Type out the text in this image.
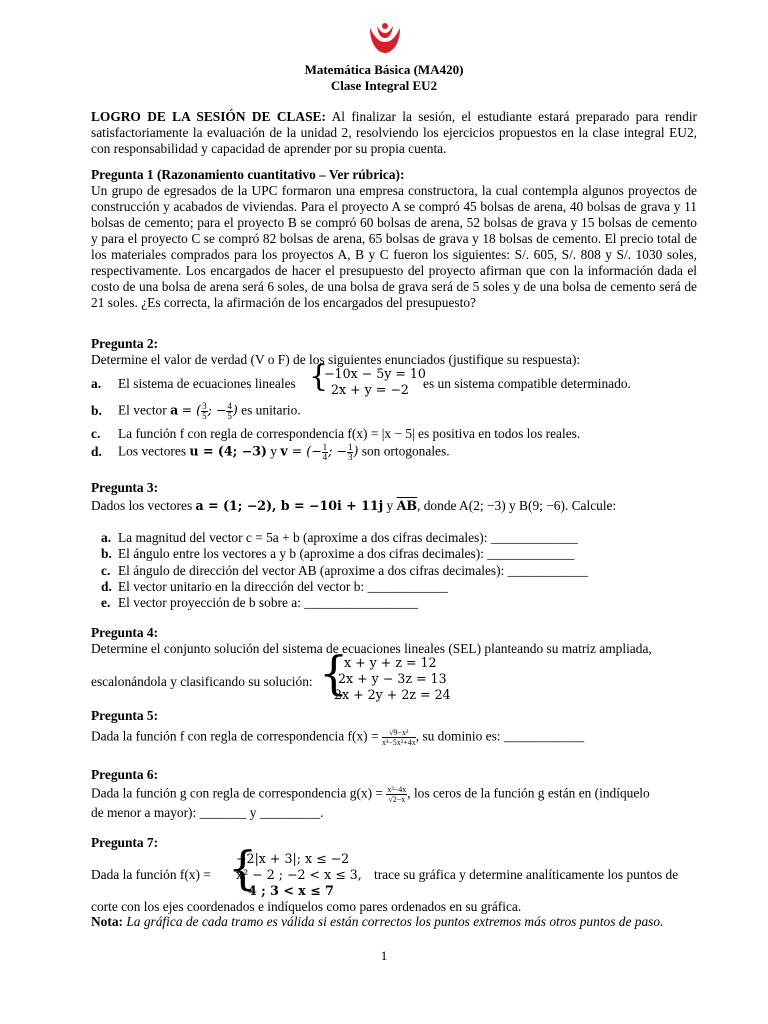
Matemática Básica (MA420)
Clase Integral EU2
LOGRO DE LA SESIÓN DE CLASE: Al finalizar la sesión, el estudiante estará preparado para rendir satisfactoriamente la evaluación de la unidad 2, resolviendo los ejercicios propuestos en la clase integral EU2, con responsabilidad y capacidad de aprender por su propia cuenta.
Pregunta 1 (Razonamiento cuantitativo – Ver rúbrica):
Un grupo de egresados de la UPC formaron una empresa constructora, la cual contempla algunos proyectos de construcción y acabados de viviendas. Para el proyecto A se compró 45 bolsas de arena, 40 bolsas de grava y 11 bolsas de cemento; para el proyecto B se compró 60 bolsas de arena, 52 bolsas de grava y 15 bolsas de cemento y para el proyecto C se compró 82 bolsas de arena, 65 bolsas de grava y 18 bolsas de cemento. El precio total de los materiales comprados para los proyectos A, B y C fueron los siguientes: S/. 605, S/. 808 y S/. 1030 soles, respectivamente. Los encargados de hacer el presupuesto del proyecto afirman que con la información dada el costo de una bolsa de arena será 6 soles, de una bolsa de grava será de 5 soles y de una bolsa de cemento será de 21 soles. ¿Es correcta, la afirmación de los encargados del presupuesto?
Pregunta 2:
Determine el valor de verdad (V o F) de los siguientes enunciados (justifique su respuesta):
a. El sistema de ecuaciones lineales {
−10x − 5y = 10
2x + y = −2 es un sistema compatible determinado.
b. El vector a = ( $\frac{3}{5}$ ; − $\frac{4}{5}$ ) es unitario.
c. La función f con regla de correspondencia f(x) = |x − 5| es positiva en todos los reales.
d. Los vectores u = (4; −3) y v = (− $\frac{1}{4}$ ; − $\frac{1}{3}$ ) son ortogonales.
Pregunta 3:
Dados los vectores a = (1; −2), b = −10i + 11j y $\overline{AB}$, donde A(2; −3) y B(9; −6). Calcule:
a. La magnitud del vector c = 5a + b (aproxime a dos cifras decimales): _____________
b. El ángulo entre los vectores a y b (aproxime a dos cifras decimales): _____________
c. El ángulo de dirección del vector AB (aproxime a dos cifras decimales): ____________
d. El vector unitario en la dirección del vector b: ____________
e. El vector proyección de b sobre a: _________________
Pregunta 4:
Determine el conjunto solución del sistema de ecuaciones lineales (SEL) planteando su matriz ampliada,
escalonándola y clasificando su solución: {
x + y + z = 12
2x + y − 3z = 13
2x + 2y + 2z = 24
Pregunta 5:
Dada la función f con regla de correspondencia $f(x) = \frac{\text{√9−x²}}{\text{x³−5x²+4x}}$ , su dominio es: ____________
Pregunta 6:
Dada la función g con regla de correspondencia $g(x) = \frac{\text{x³−4x}}{√2-x}$ , los ceros de la función g están en (indíquelo
de menor a mayor): _______ y _________.
Pregunta 7:
Dada la función f(x) = {
−2|x + 3|; x ≤ −2
x² − 2 ; −2 < x ≤ 3,
4 ; 3 < x ≤ 7
trace su gráfica y determine analíticamente los puntos de
corte con los ejes coordenados e indíquelos como pares ordenados en su gráfica.
Nota: La gráfica de cada tramo es válida si están correctos los puntos extremos más otros puntos de paso.
1
